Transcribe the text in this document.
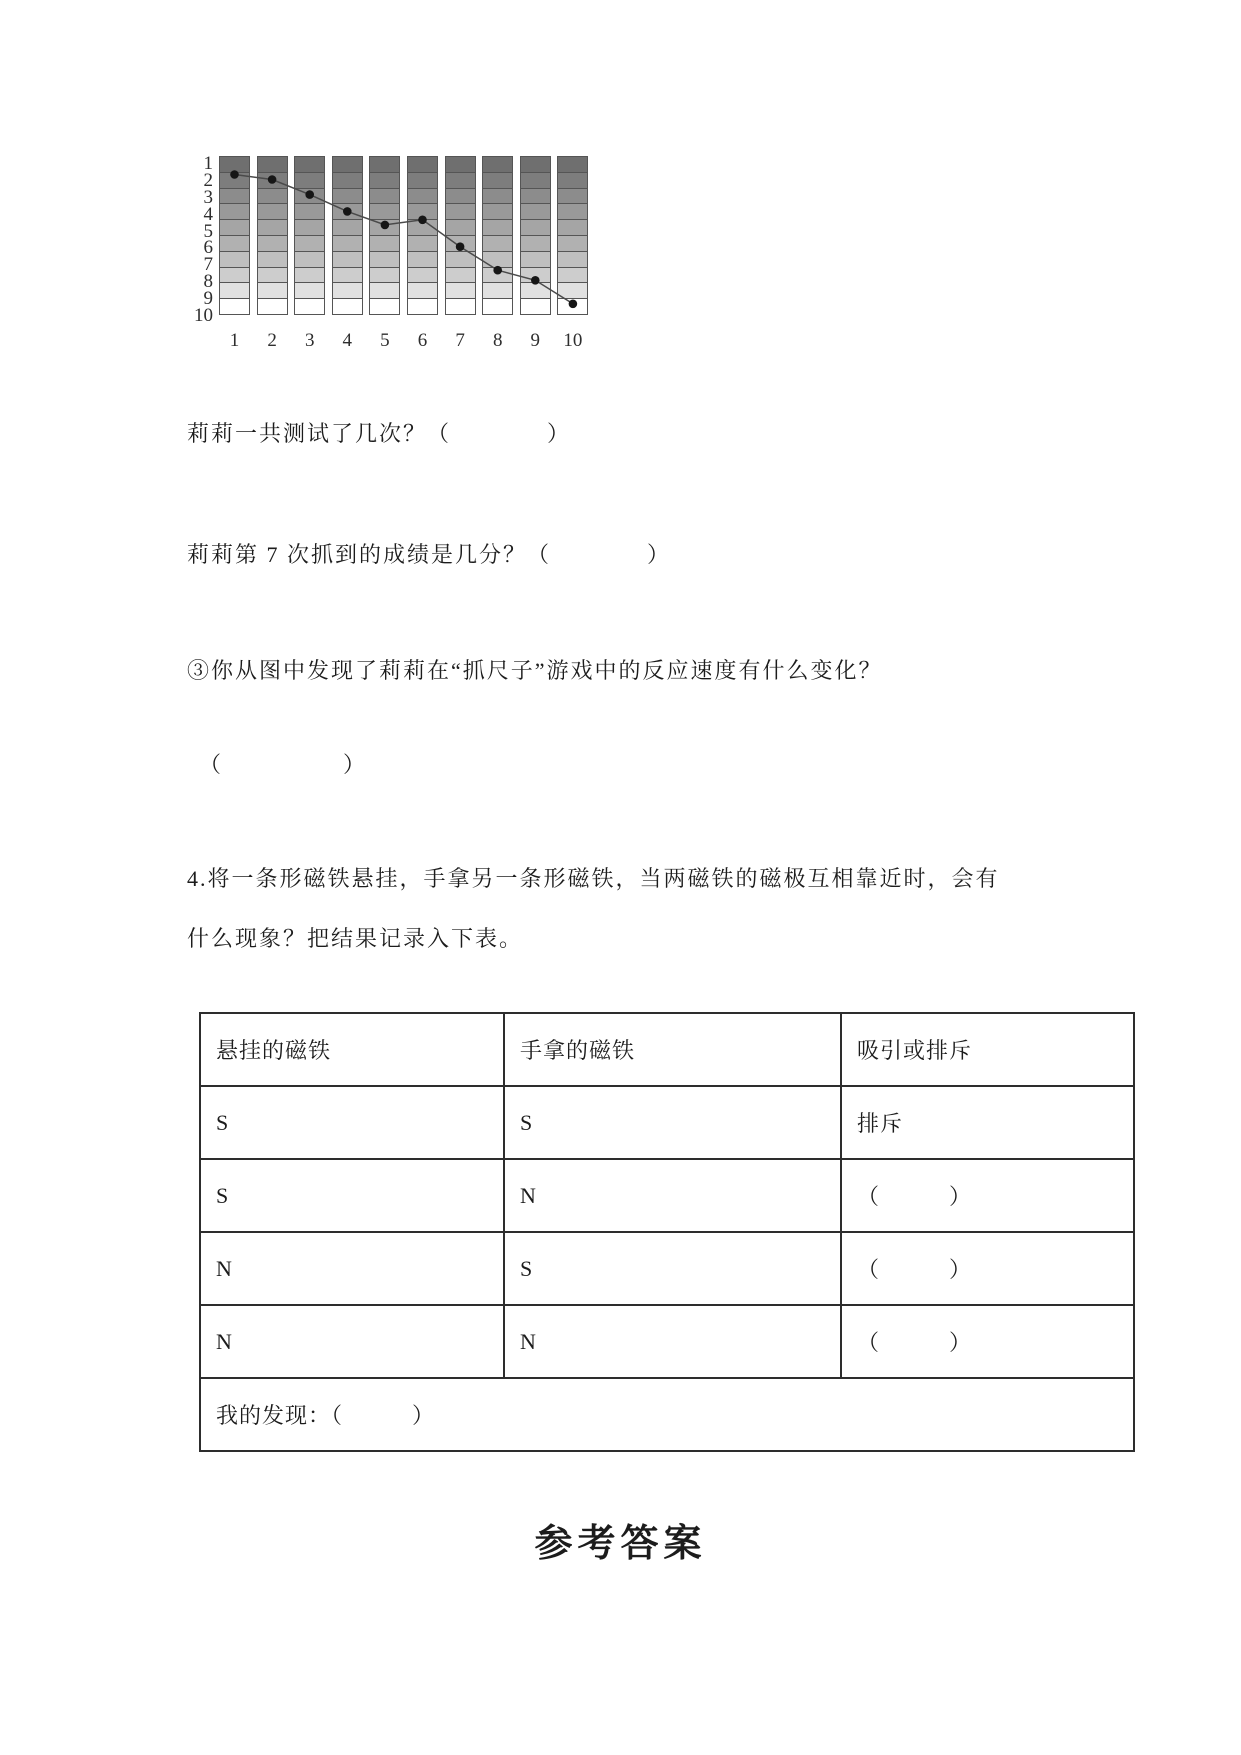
1
2
3
4
5
6
7
8
9
10
1	2	3	4	5	6	7	8	9	10
莉莉一共测试了几次？（　　　　）
莉莉第 7 次抓到的成绩是几分？（　　　　）
③你从图中发现了莉莉在“抓尺子”游戏中的反应速度有什么变化？
（　　　　　）
4.将一条形磁铁悬挂，手拿另一条形磁铁，当两磁铁的磁极互相靠近时，会有
什么现象？把结果记录入下表。
悬挂的磁铁	手拿的磁铁	吸引或排斥
S	S	排斥
S	N	（　　　）
N	S	（　　　）
N	N	（　　　）
我的发现：（　　　）		
参考答案
